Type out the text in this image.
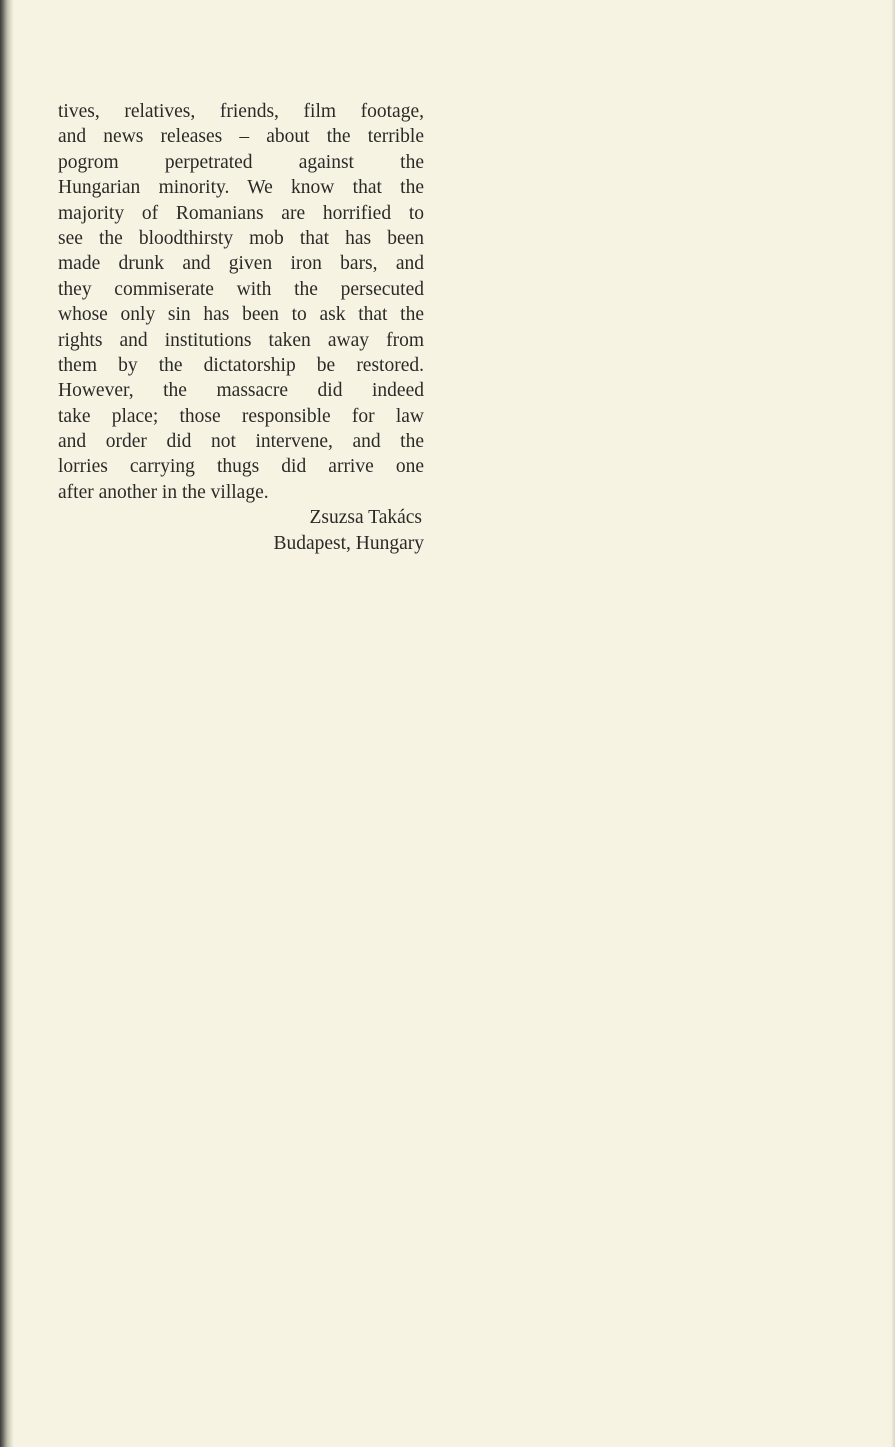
tives, relatives, friends, film footage,
and news releases – about the terrible
pogrom perpetrated against the
Hungarian minority. We know that the
majority of Romanians are horrified to
see the bloodthirsty mob that has been
made drunk and given iron bars, and
they commiserate with the persecuted
whose only sin has been to ask that the
rights and institutions taken away from
them by the dictatorship be restored.
However, the massacre did indeed
take place; those responsible for law
and order did not intervene, and the
lorries carrying thugs did arrive one
after another in the village.
Zsuzsa Takács
Budapest, Hungary
